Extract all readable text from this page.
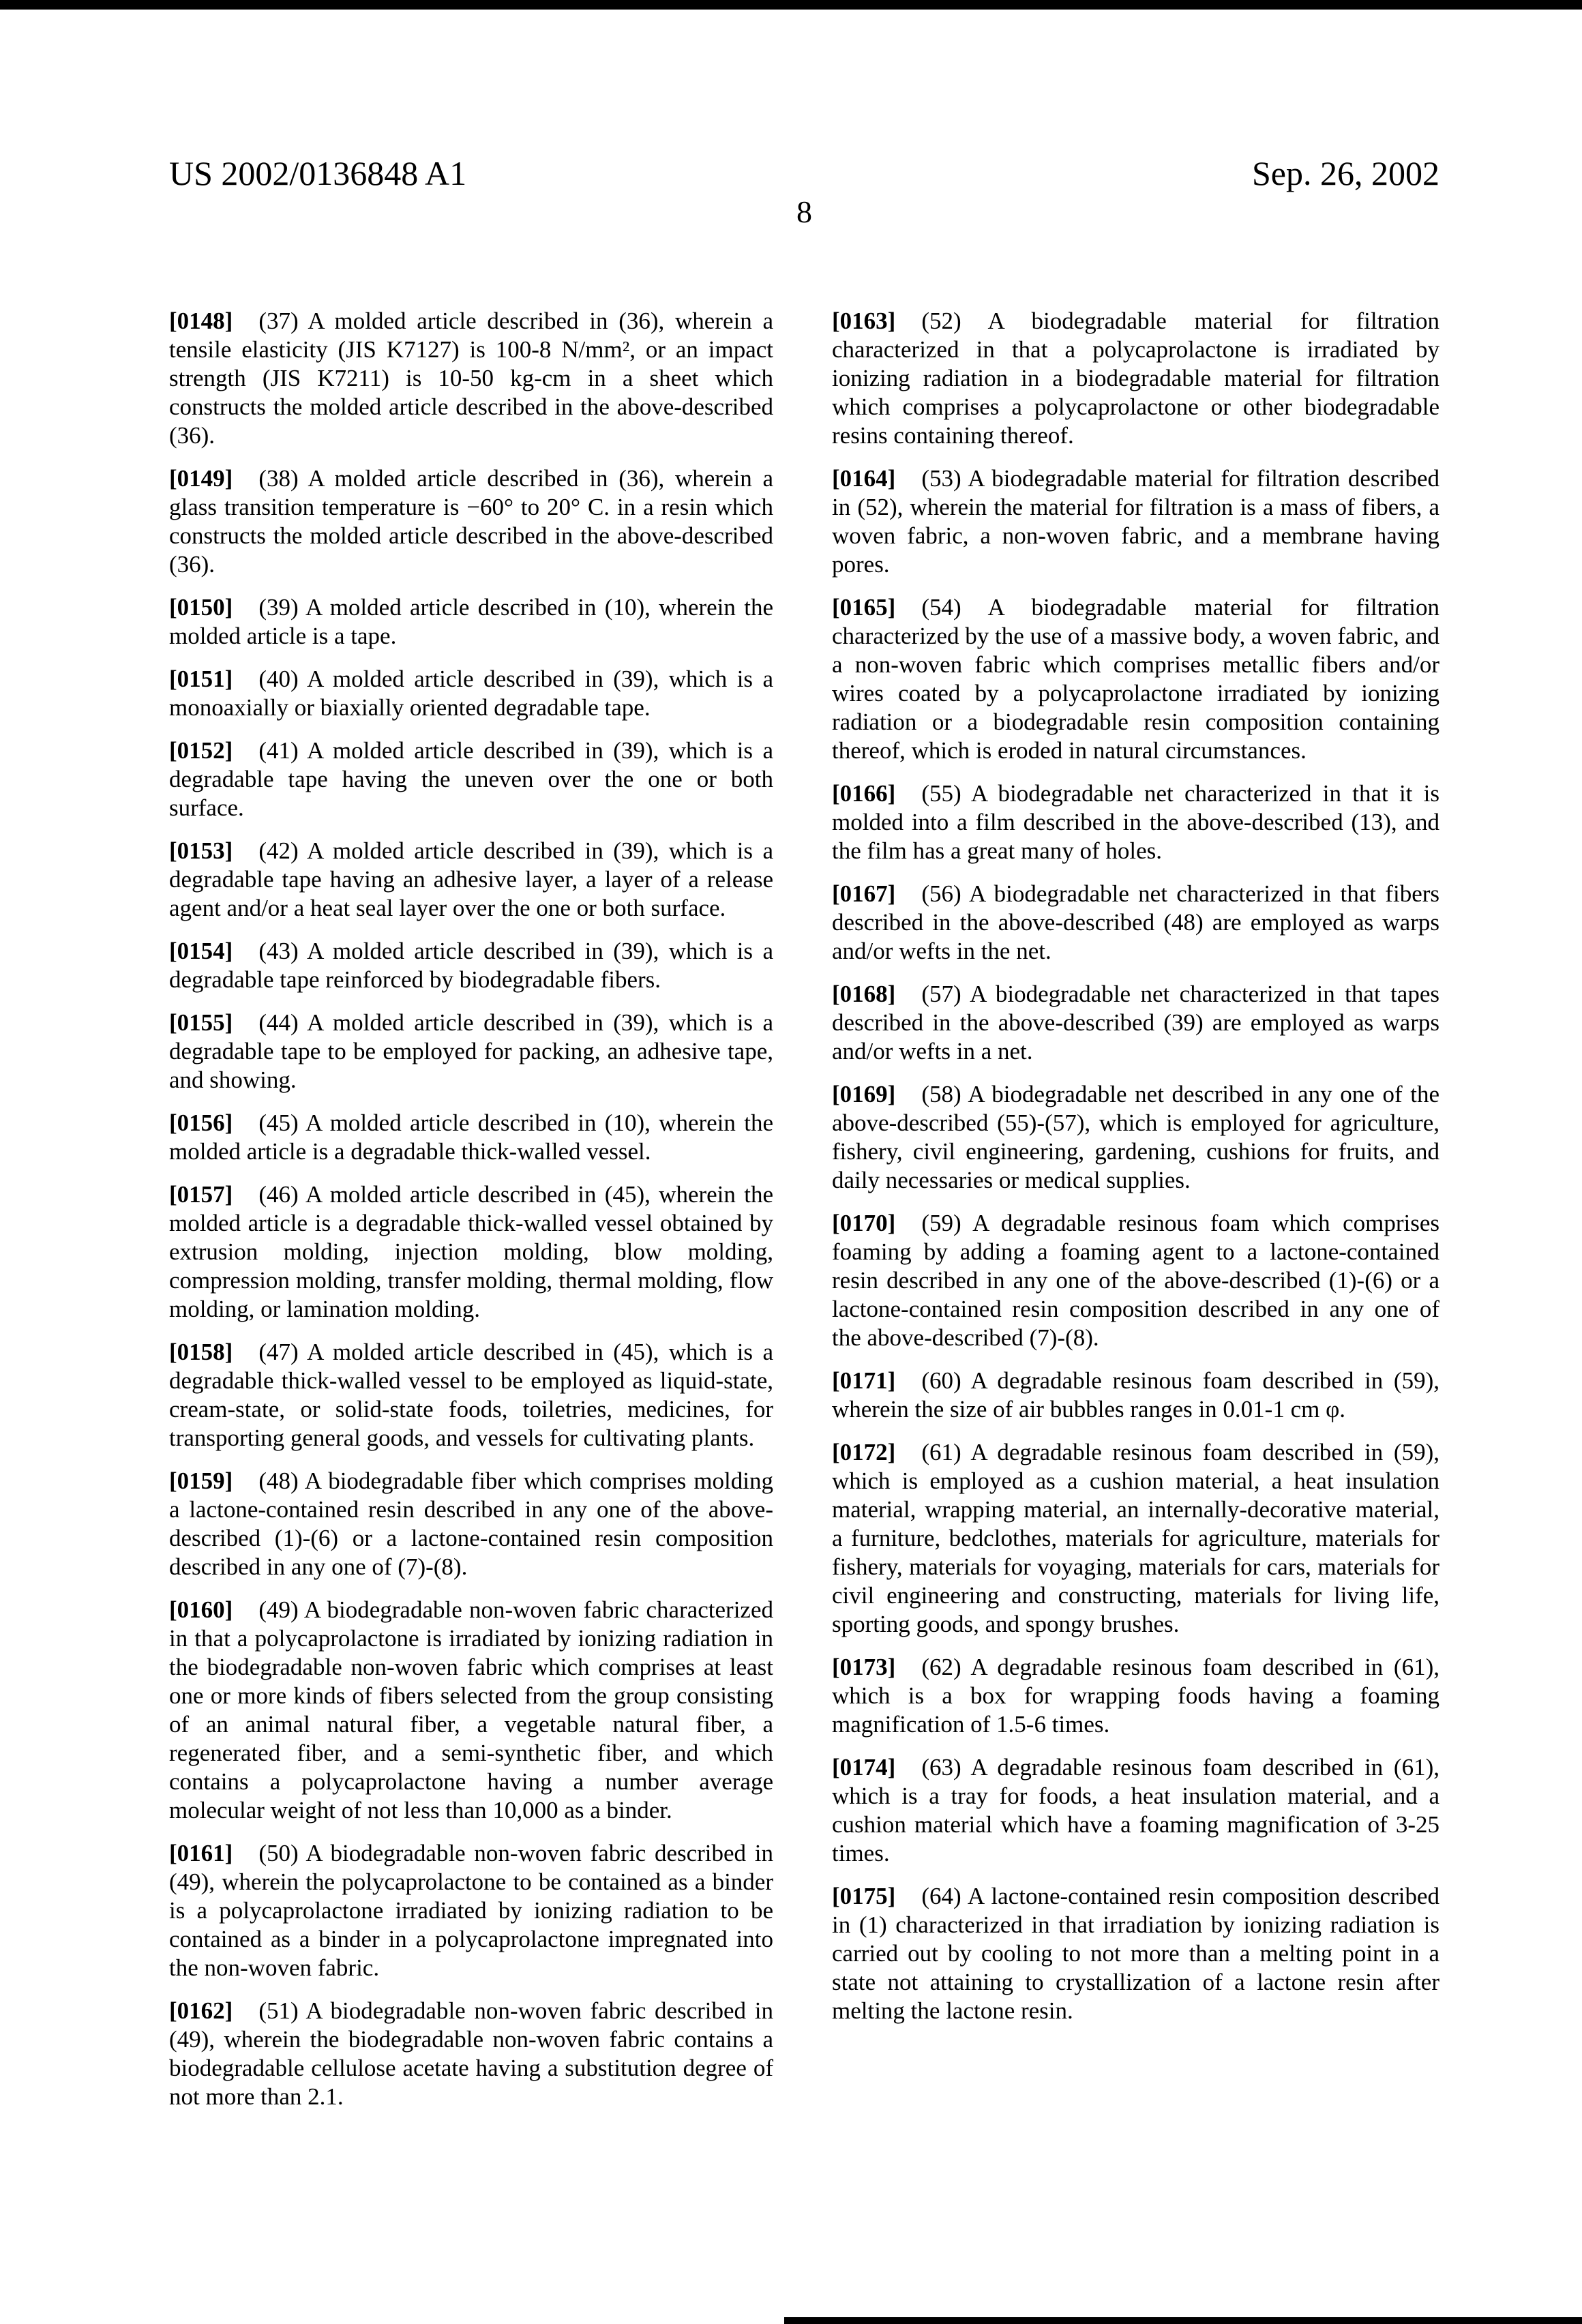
US 2002/0136848 A1	Sep. 26, 2002
8

[0148] (37) A molded article described in (36), wherein a tensile elasticity (JIS K7127) is 100-8 N/mm², or an impact strength (JIS K7211) is 10-50 kg-cm in a sheet which constructs the molded article described in the above-described (36).

[0149] (38) A molded article described in (36), wherein a glass transition temperature is −60° to 20° C. in a resin which constructs the molded article described in the above-described (36).

[0150] (39) A molded article described in (10), wherein the molded article is a tape.

[0151] (40) A molded article described in (39), which is a monoaxially or biaxially oriented degradable tape.

[0152] (41) A molded article described in (39), which is a degradable tape having the uneven over the one or both surface.

[0153] (42) A molded article described in (39), which is a degradable tape having an adhesive layer, a layer of a release agent and/or a heat seal layer over the one or both surface.

[0154] (43) A molded article described in (39), which is a degradable tape reinforced by biodegradable fibers.

[0155] (44) A molded article described in (39), which is a degradable tape to be employed for packing, an adhesive tape, and showing.

[0156] (45) A molded article described in (10), wherein the molded article is a degradable thick-walled vessel.

[0157] (46) A molded article described in (45), wherein the molded article is a degradable thick-walled vessel obtained by extrusion molding, injection molding, blow molding, compression molding, transfer molding, thermal molding, flow molding, or lamination molding.

[0158] (47) A molded article described in (45), which is a degradable thick-walled vessel to be employed as liquid-state, cream-state, or solid-state foods, toiletries, medicines, for transporting general goods, and vessels for cultivating plants.

[0159] (48) A biodegradable fiber which comprises molding a lactone-contained resin described in any one of the above-described (1)-(6) or a lactone-contained resin composition described in any one of (7)-(8).

[0160] (49) A biodegradable non-woven fabric characterized in that a polycaprolactone is irradiated by ionizing radiation in the biodegradable non-woven fabric which comprises at least one or more kinds of fibers selected from the group consisting of an animal natural fiber, a vegetable natural fiber, a regenerated fiber, and a semi-synthetic fiber, and which contains a polycaprolactone having a number average molecular weight of not less than 10,000 as a binder.

[0161] (50) A biodegradable non-woven fabric described in (49), wherein the polycaprolactone to be contained as a binder is a polycaprolactone irradiated by ionizing radiation to be contained as a binder in a polycaprolactone impregnated into the non-woven fabric.

[0162] (51) A biodegradable non-woven fabric described in (49), wherein the biodegradable non-woven fabric contains a biodegradable cellulose acetate having a substitution degree of not more than 2.1.

[0163] (52) A biodegradable material for filtration characterized in that a polycaprolactone is irradiated by ionizing radiation in a biodegradable material for filtration which comprises a polycaprolactone or other biodegradable resins containing thereof.

[0164] (53) A biodegradable material for filtration described in (52), wherein the material for filtration is a mass of fibers, a woven fabric, a non-woven fabric, and a membrane having pores.

[0165] (54) A biodegradable material for filtration characterized by the use of a massive body, a woven fabric, and a non-woven fabric which comprises metallic fibers and/or wires coated by a polycaprolactone irradiated by ionizing radiation or a biodegradable resin composition containing thereof, which is eroded in natural circumstances.

[0166] (55) A biodegradable net characterized in that it is molded into a film described in the above-described (13), and the film has a great many of holes.

[0167] (56) A biodegradable net characterized in that fibers described in the above-described (48) are employed as warps and/or wefts in the net.

[0168] (57) A biodegradable net characterized in that tapes described in the above-described (39) are employed as warps and/or wefts in a net.

[0169] (58) A biodegradable net described in any one of the above-described (55)-(57), which is employed for agriculture, fishery, civil engineering, gardening, cushions for fruits, and daily necessaries or medical supplies.

[0170] (59) A degradable resinous foam which comprises foaming by adding a foaming agent to a lactone-contained resin described in any one of the above-described (1)-(6) or a lactone-contained resin composition described in any one of the above-described (7)-(8).

[0171] (60) A degradable resinous foam described in (59), wherein the size of air bubbles ranges in 0.01-1 cm φ.

[0172] (61) A degradable resinous foam described in (59), which is employed as a cushion material, a heat insulation material, wrapping material, an internally-decorative material, a furniture, bedclothes, materials for agriculture, materials for fishery, materials for voyaging, materials for cars, materials for civil engineering and constructing, materials for living life, sporting goods, and spongy brushes.

[0173] (62) A degradable resinous foam described in (61), which is a box for wrapping foods having a foaming magnification of 1.5-6 times.

[0174] (63) A degradable resinous foam described in (61), which is a tray for foods, a heat insulation material, and a cushion material which have a foaming magnification of 3-25 times.

[0175] (64) A lactone-contained resin composition described in (1) characterized in that irradiation by ionizing radiation is carried out by cooling to not more than a melting point in a state not attaining to crystallization of a lactone resin after melting the lactone resin.
